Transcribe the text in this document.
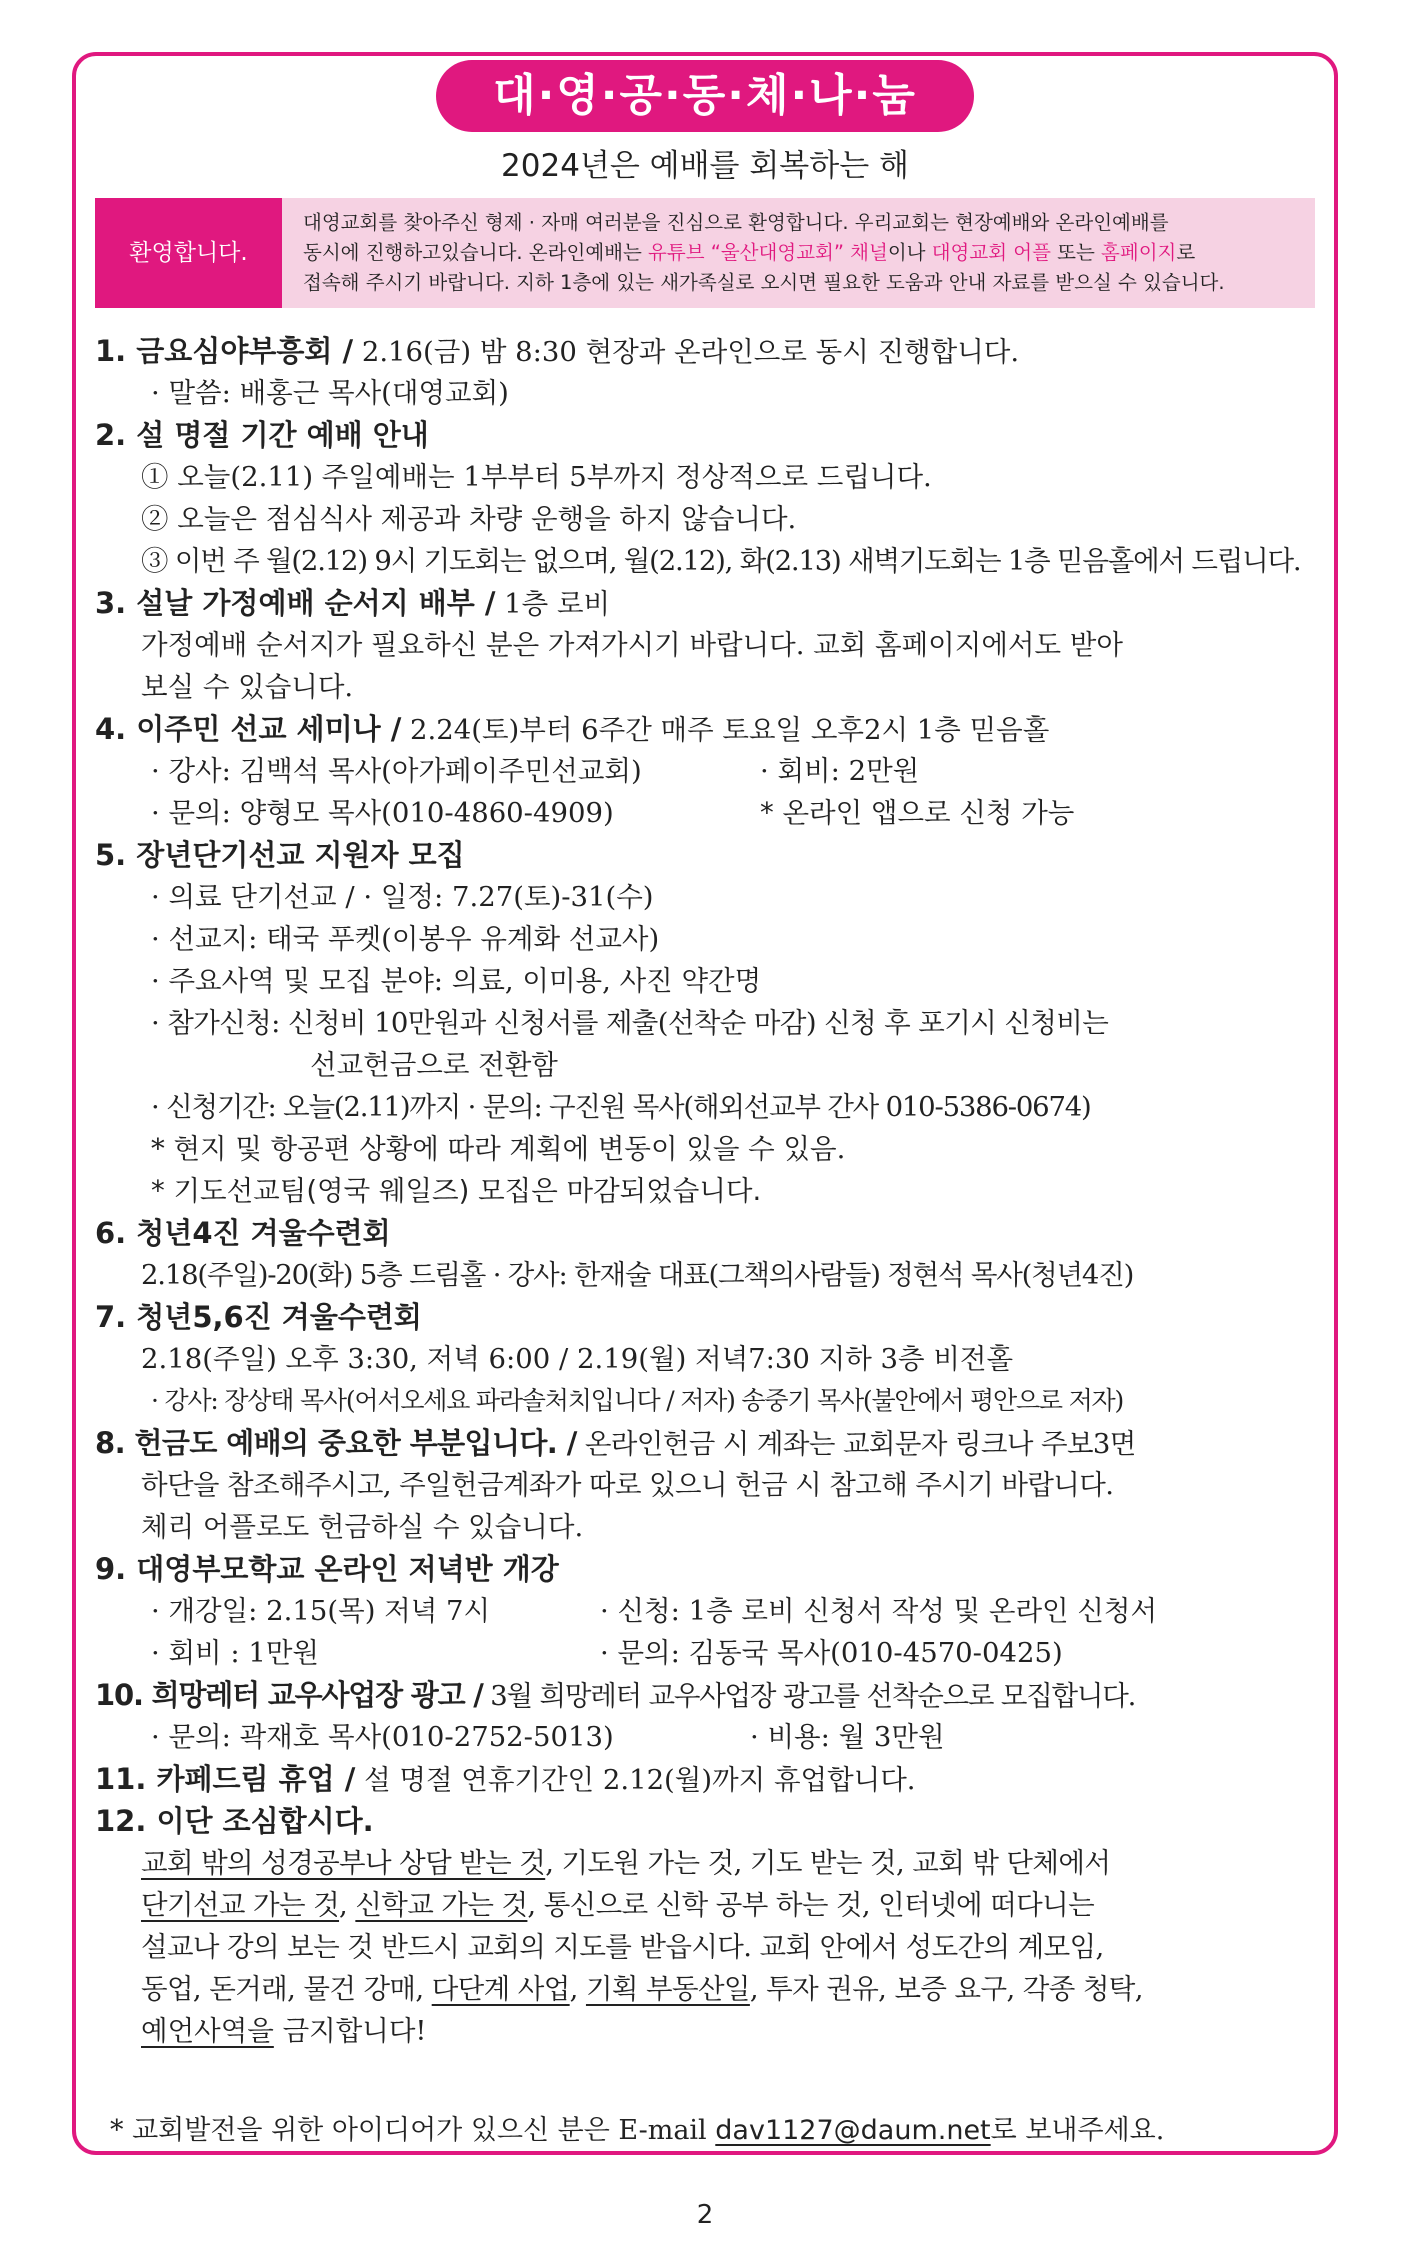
대·영·공·동·체·나·눔
2024년은 예배를 회복하는 해
환영합니다.
대영교회를 찾아주신 형제 · 자매 여러분을 진심으로 환영합니다. 우리교회는 현장예배와 온라인예배를
동시에 진행하고있습니다. 온라인예배는 유튜브 “울산대영교회” 채널이나 대영교회 어플 또는 홈페이지로
접속해 주시기 바랍니다. 지하 1층에 있는 새가족실로 오시면 필요한 도움과 안내 자료를 받으실 수 있습니다.
1. 금요심야부흥회 / 2.16(금) 밤 8:30 현장과 온라인으로 동시 진행합니다.
· 말씀: 배홍근 목사(대영교회)
2. 설 명절 기간 예배 안내
① 오늘(2.11) 주일예배는 1부부터 5부까지 정상적으로 드립니다.
② 오늘은 점심식사 제공과 차량 운행을 하지 않습니다.
③ 이번 주 월(2.12) 9시 기도회는 없으며, 월(2.12), 화(2.13) 새벽기도회는 1층 믿음홀에서 드립니다.
3. 설날 가정예배 순서지 배부 / 1층 로비
가정예배 순서지가 필요하신 분은 가져가시기 바랍니다. 교회 홈페이지에서도 받아
보실 수 있습니다.
4. 이주민 선교 세미나 / 2.24(토)부터 6주간 매주 토요일 오후2시 1층 믿음홀
· 강사: 김백석 목사(아가페이주민선교회)	· 회비: 2만원
· 문의: 양형모 목사(010-4860-4909)	* 온라인 앱으로 신청 가능
5. 장년단기선교 지원자 모집
· 의료 단기선교 / · 일정: 7.27(토)-31(수)
· 선교지: 태국 푸켓(이봉우 유계화 선교사)
· 주요사역 및 모집 분야: 의료, 이미용, 사진 약간명
· 참가신청: 신청비 10만원과 신청서를 제출(선착순 마감) 신청 후 포기시 신청비는
선교헌금으로 전환함
· 신청기간: 오늘(2.11)까지 · 문의: 구진원 목사(해외선교부 간사 010-5386-0674)
* 현지 및 항공편 상황에 따라 계획에 변동이 있을 수 있음.
* 기도선교팀(영국 웨일즈) 모집은 마감되었습니다.
6. 청년4진 겨울수련회
2.18(주일)-20(화) 5층 드림홀 · 강사: 한재술 대표(그책의사람들) 정현석 목사(청년4진)
7. 청년5,6진 겨울수련회
2.18(주일) 오후 3:30, 저녁 6:00 / 2.19(월) 저녁7:30 지하 3층 비전홀
· 강사: 장상태 목사(어서오세요 파라솔처치입니다 / 저자) 송중기 목사(불안에서 평안으로 저자)
8. 헌금도 예배의 중요한 부분입니다. / 온라인헌금 시 계좌는 교회문자 링크나 주보3면
하단을 참조해주시고, 주일헌금계좌가 따로 있으니 헌금 시 참고해 주시기 바랍니다.
체리 어플로도 헌금하실 수 있습니다.
9. 대영부모학교 온라인 저녁반 개강
· 개강일: 2.15(목) 저녁 7시	· 신청: 1층 로비 신청서 작성 및 온라인 신청서
· 회비 : 1만원	· 문의: 김동국 목사(010-4570-0425)
10. 희망레터 교우사업장 광고 / 3월 희망레터 교우사업장 광고를 선착순으로 모집합니다.
· 문의: 곽재호 목사(010-2752-5013)	· 비용: 월 3만원
11. 카페드림 휴업 / 설 명절 연휴기간인 2.12(월)까지 휴업합니다.
12. 이단 조심합시다.
교회 밖의 성경공부나 상담 받는 것, 기도원 가는 것, 기도 받는 것, 교회 밖 단체에서
단기선교 가는 것, 신학교 가는 것, 통신으로 신학 공부 하는 것, 인터넷에 떠다니는
설교나 강의 보는 것 반드시 교회의 지도를 받읍시다. 교회 안에서 성도간의 계모임,
동업, 돈거래, 물건 강매, 다단계 사업, 기획 부동산일, 투자 권유, 보증 요구, 각종 청탁,
예언사역을 금지합니다!
* 교회발전을 위한 아이디어가 있으신 분은 E-mail dav1127@daum.net로 보내주세요.
2
